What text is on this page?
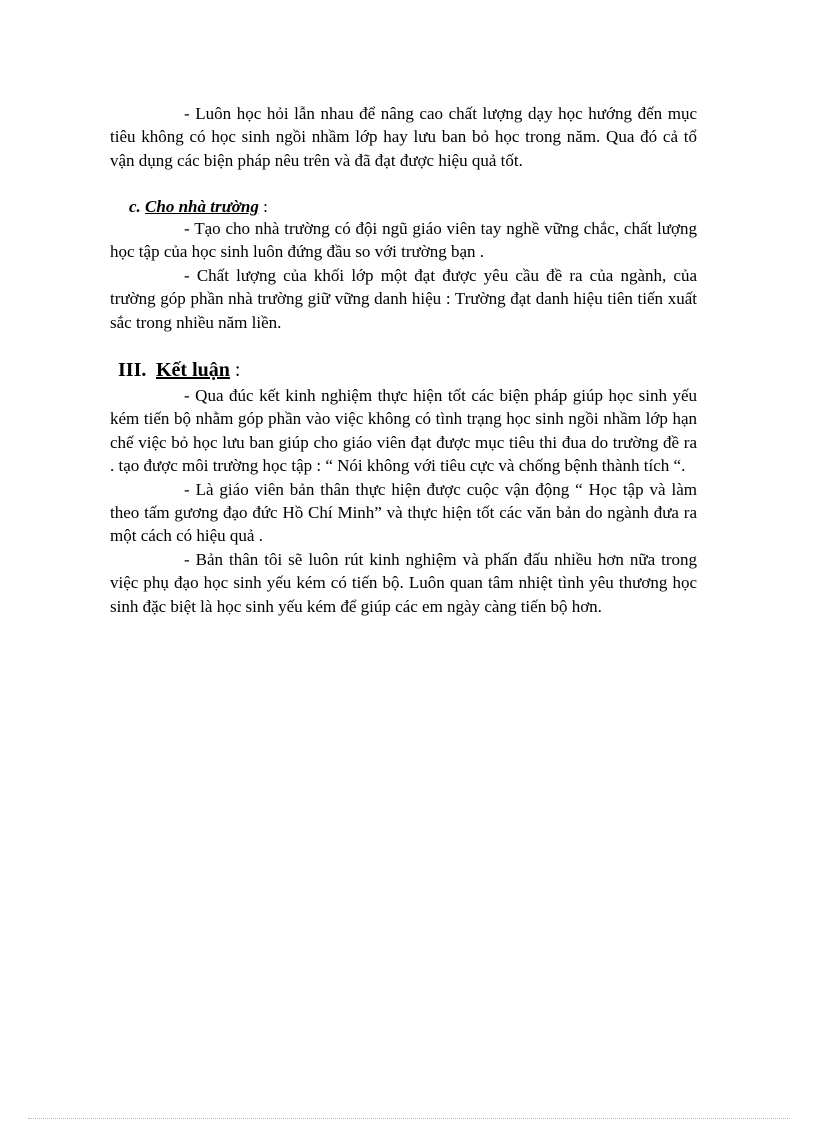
- Luôn học hỏi lẫn nhau để nâng cao chất lượng dạy học hướng đến mục tiêu không có học sinh ngồi nhầm lớp hay lưu ban bỏ học trong năm. Qua đó cả tổ vận dụng các biện pháp nêu trên và đã đạt được hiệu quả tốt.

c. Cho nhà trường :

- Tạo cho nhà trường có đội ngũ giáo viên tay nghề vững chắc, chất lượng học tập của học sinh luôn đứng đầu so với trường bạn .

- Chất lượng của khối lớp một đạt được yêu cầu đề ra của ngành, của trường góp phần nhà trường giữ vững danh hiệu : Trường đạt danh hiệu tiên tiến xuất sắc trong nhiều năm liền.

III. Kết luận :

- Qua đúc kết kinh nghiệm thực hiện tốt các biện pháp giúp học sinh yếu kém tiến bộ nhằm góp phần vào việc không có tình trạng học sinh ngồi nhầm lớp hạn chế việc bỏ học lưu ban giúp cho giáo viên đạt được mục tiêu thi đua do trường đề ra . tạo được môi trường học tập : “ Nói không với tiêu cực và chống bệnh thành tích “.

- Là giáo viên bản thân thực hiện được cuộc vận động “ Học tập và làm theo tấm gương đạo đức Hồ Chí Minh” và thực hiện tốt các văn bản do ngành đưa ra một cách có hiệu quả .

- Bản thân tôi sẽ luôn rút kinh nghiệm và phấn đấu nhiều hơn nữa trong việc phụ đạo học sinh yếu kém có tiến bộ. Luôn quan tâm nhiệt tình yêu thương học sinh đặc biệt là học sinh yếu kém để giúp các em ngày càng tiến bộ hơn.
